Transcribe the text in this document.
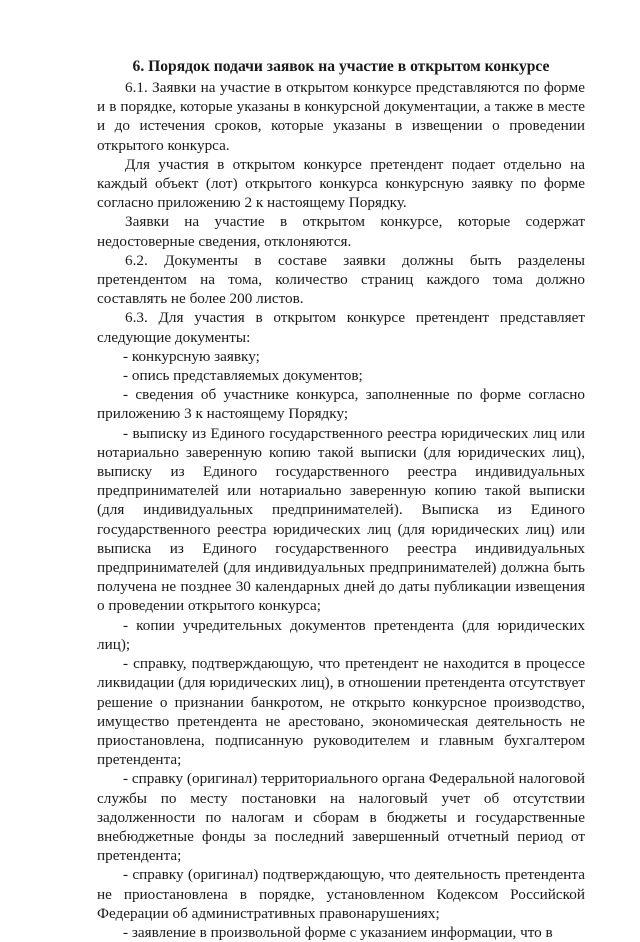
6. Порядок подачи заявок на участие в открытом конкурсе

6.1. Заявки на участие в открытом конкурсе представляются по форме и в порядке, которые указаны в конкурсной документации, а также в месте и до истечения сроков, которые указаны в извещении о проведении открытого конкурса.

Для участия в открытом конкурсе претендент подает отдельно на каждый объект (лот) открытого конкурса конкурсную заявку по форме согласно приложению 2 к настоящему Порядку.

Заявки на участие в открытом конкурсе, которые содержат недостоверные сведения, отклоняются.

6.2. Документы в составе заявки должны быть разделены претендентом на тома, количество страниц каждого тома должно составлять не более 200 листов.

6.3. Для участия в открытом конкурсе претендент представляет следующие документы:

- конкурсную заявку;

- опись представляемых документов;

- сведения об участнике конкурса, заполненные по форме согласно приложению 3 к настоящему Порядку;

- выписку из Единого государственного реестра юридических лиц или нотариально заверенную копию такой выписки (для юридических лиц), выписку из Единого государственного реестра индивидуальных предпринимателей или нотариально заверенную копию такой выписки (для индивидуальных предпринимателей). Выписка из Единого государственного реестра юридических лиц (для юридических лиц) или выписка из Единого государственного реестра индивидуальных предпринимателей (для индивидуальных предпринимателей) должна быть получена не позднее 30 календарных дней до даты публикации извещения о проведении открытого конкурса;

- копии учредительных документов претендента (для юридических лиц);

- справку, подтверждающую, что претендент не находится в процессе ликвидации (для юридических лиц), в отношении претендента отсутствует решение о признании банкротом, не открыто конкурсное производство, имущество претендента не арестовано, экономическая деятельность не приостановлена, подписанную руководителем и главным бухгалтером претендента;

- справку (оригинал) территориального органа Федеральной налоговой службы по месту постановки на налоговый учет об отсутствии задолженности по налогам и сборам в бюджеты и государственные внебюджетные фонды за последний завершенный отчетный период от претендента;

- справку (оригинал) подтверждающую, что деятельность претендента не приостановлена в порядке, установленном Кодексом Российской Федерации об административных правонарушениях;

- заявление в произвольной форме с указанием информации, что в
